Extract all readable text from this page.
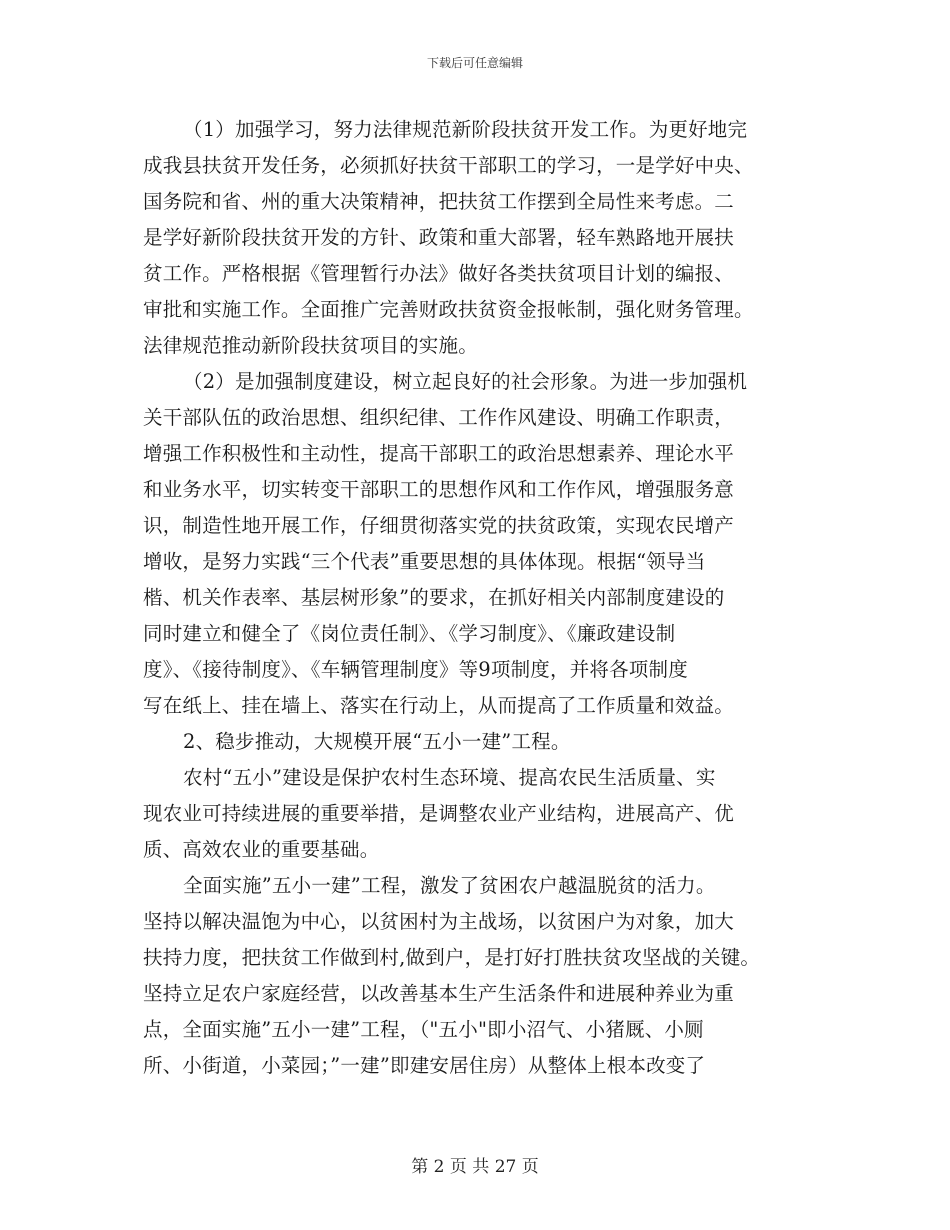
下载后可任意编辑
（1）加强学习，努力法律规范新阶段扶贫开发工作。为更好地完
成我县扶贫开发任务，必须抓好扶贫干部职工的学习，一是学好中央、
国务院和省、州的重大决策精神，把扶贫工作摆到全局性来考虑。二
是学好新阶段扶贫开发的方针、政策和重大部署，轻车熟路地开展扶
贫工作。严格根据《管理暂行办法》做好各类扶贫项目计划的编报、
审批和实施工作。全面推广完善财政扶贫资金报帐制，强化财务管理。
法律规范推动新阶段扶贫项目的实施。
（2）是加强制度建设，树立起良好的社会形象。为进一步加强机
关干部队伍的政治思想、组织纪律、工作作风建设、明确工作职责，
增强工作积极性和主动性，提高干部职工的政治思想素养、理论水平
和业务水平，切实转变干部职工的思想作风和工作作风，增强服务意
识，制造性地开展工作，仔细贯彻落实党的扶贫政策，实现农民增产
增收，是努力实践“三个代表”重要思想的具体体现。根据“领导当
楷、机关作表率、基层树形象”的要求，在抓好相关内部制度建设的
同时建立和健全了《岗位责任制》、《学习制度》、《廉政建设制
度》、《接待制度》、《车辆管理制度》等9项制度，并将各项制度
写在纸上、挂在墙上、落实在行动上，从而提高了工作质量和效益。
2、稳步推动，大规模开展“五小一建”工程。
农村“五小”建设是保护农村生态环境、提高农民生活质量、实
现农业可持续进展的重要举措，是调整农业产业结构，进展高产、优
质、高效农业的重要基础。
全面实施”五小一建”工程，激发了贫困农户越温脱贫的活力。
坚持以解决温饱为中心，以贫困村为主战场，以贫困户为对象，加大
扶持力度，把扶贫工作做到村,做到户，是打好打胜扶贫攻坚战的关键。
坚持立足农户家庭经营，以改善基本生产生活条件和进展种养业为重
点，全面实施”五小一建”工程，（"五小"即小沼气、小猪厩、小厕
所、小街道，小菜园；”一建”即建安居住房）从整体上根本改变了
第 2 页 共 27 页
